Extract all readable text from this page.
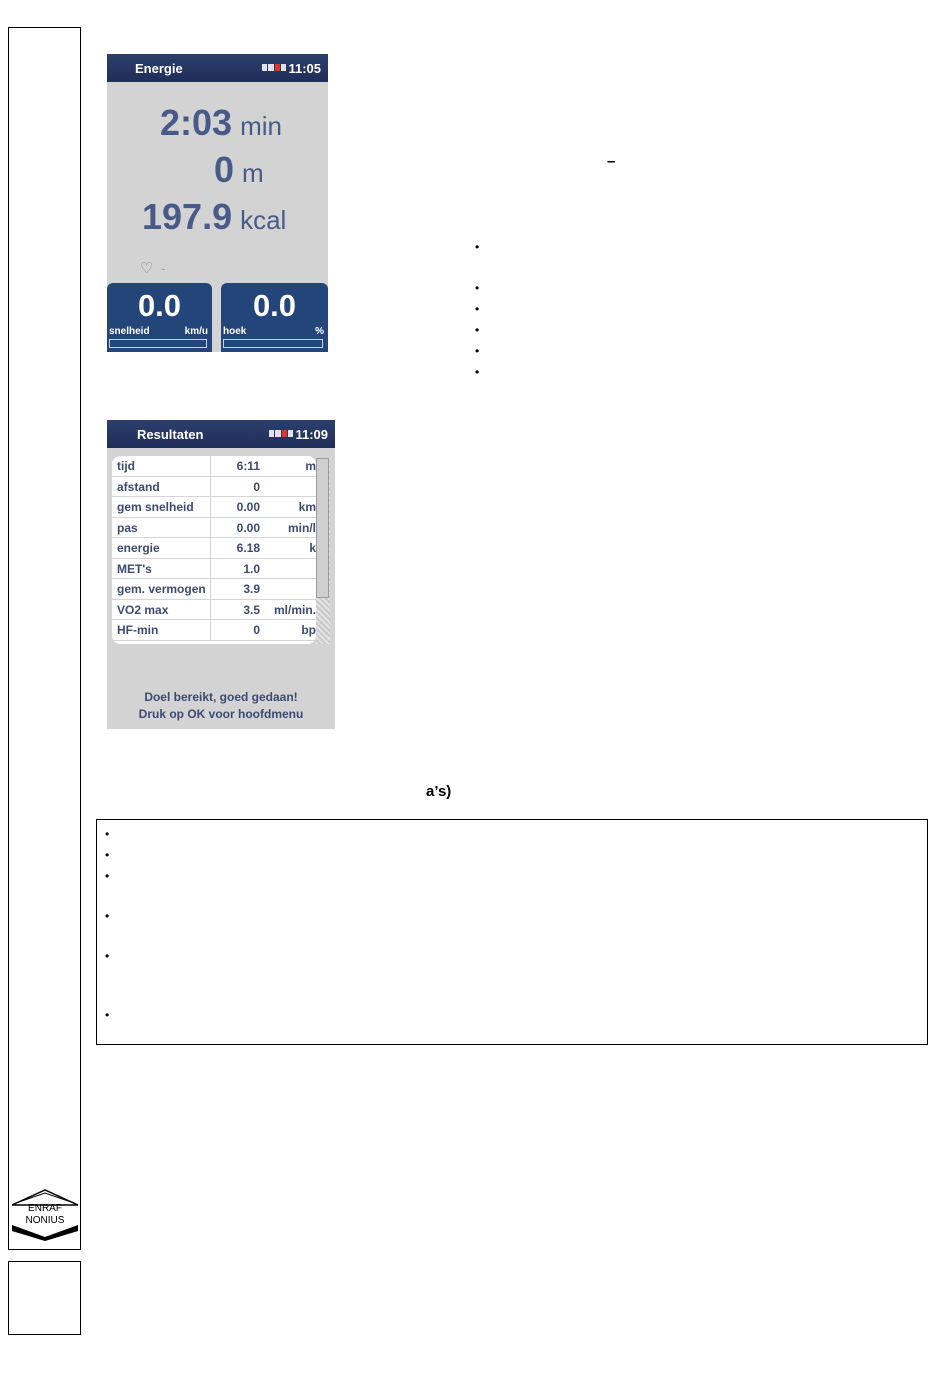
ENRAF
NONIUS
Energie	11:05
2:03 min
0 m
197.9 kcal
♡ -
0.0
snelheid	km/u
0.0
hoek	%
Resultaten	11:09
tijd	6:11	m
afstand	0
gem snelheid	0.00	km
pas	0.00	min/l
energie	6.18	k
MET's	1.0
gem. vermogen	3.9
VO2 max	3.5	ml/min.
HF-min	0	bp
Doel bereikt, goed gedaan!
Druk op OK voor hoofdmenu
–
•
•
•
•
•
•
a’s)
•
•
•
•
•
•
